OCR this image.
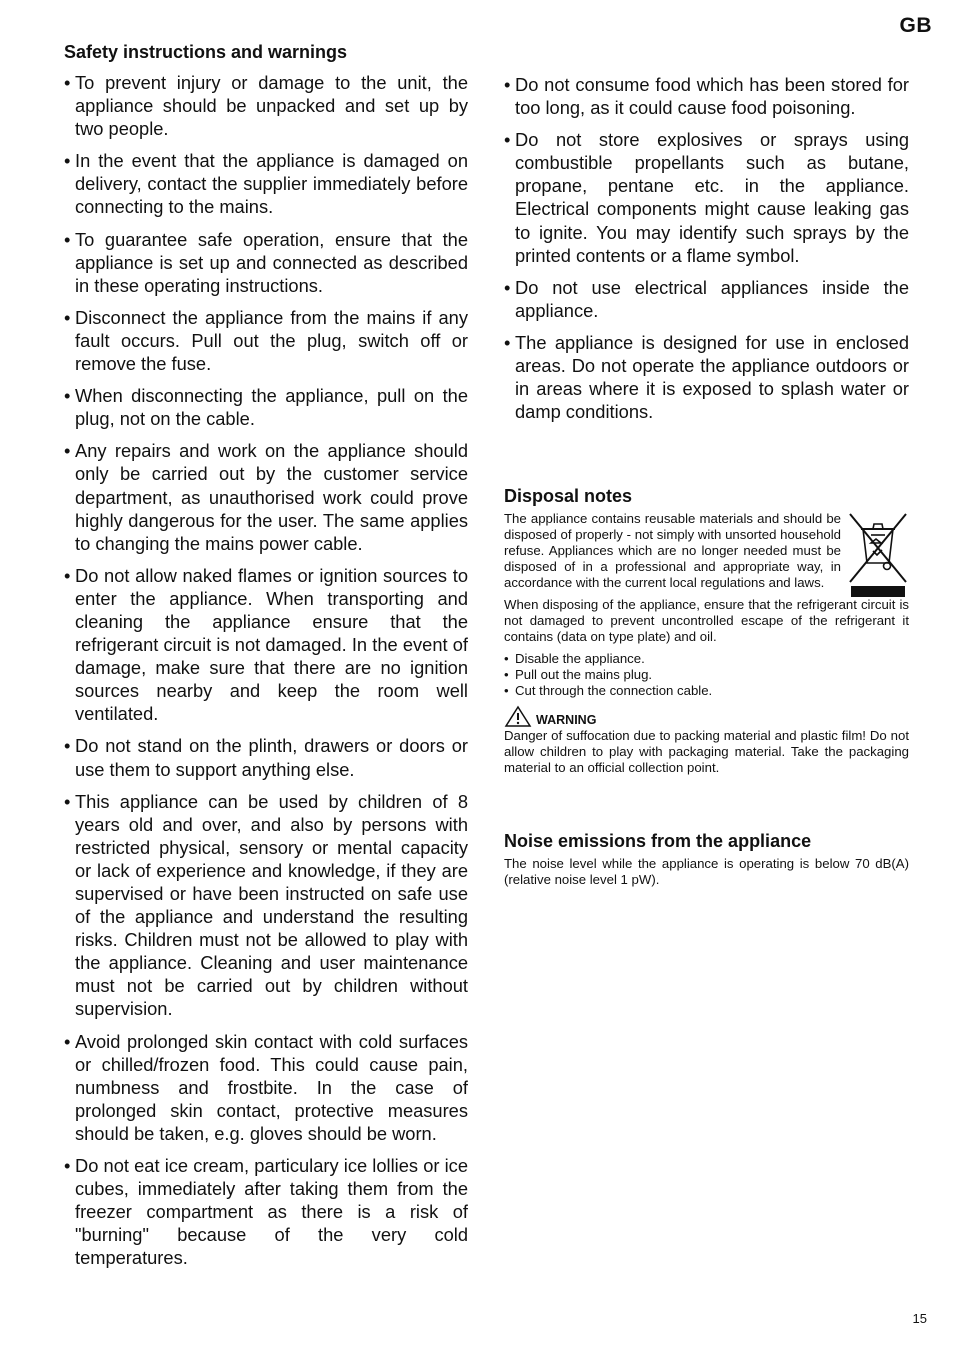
GB
Safety instructions and warnings
• To prevent injury or damage to the unit, the appliance should be unpacked and set up by two people.
• In the event that the appliance is damaged on delivery, contact the supplier immediately before connecting to the mains.
• To guarantee safe operation, ensure that the appliance is set up and connected as described in these operating instructions.
• Disconnect the appliance from the mains if any fault occurs. Pull out the plug, switch off or remove the fuse.
• When disconnecting the appliance, pull on the plug, not on the cable.
• Any repairs and work on the appliance should only be carried out by the customer service department, as unauthorised work could prove highly dangerous for the user. The same applies to changing the mains power cable.
• Do not allow naked flames or ignition sources to enter the appliance. When transporting and cleaning the appliance ensure that the refrigerant circuit is not damaged. In the event of damage, make sure that there are no ignition sources nearby and keep the room well ventilated.
• Do not stand on the plinth, drawers or doors or use them to support anything else.
• This appliance can be used by children of 8 years old and over, and also by persons with restricted physical, sensory or mental capacity or lack of experience and knowledge, if they are supervised or have been instructed on safe use of the appliance and understand the resulting risks. Children must not be allowed to play with the appliance. Cleaning and user maintenance must not be carried out by children without supervision.
• Avoid prolonged skin contact with cold surfaces or chilled/frozen food. This could cause pain, numbness and frostbite. In the case of prolonged skin contact, protective measures should be taken, e.g. gloves should be worn.
• Do not eat ice cream, particulary ice lollies or ice cubes, immediately after taking them from the freezer compartment as there is a risk of "burning" because of the very cold temperatures.
• Do not consume food which has been stored for too long, as it could cause food poisoning.
• Do not store explosives or sprays using combustible propellants such as butane, propane, pentane etc. in the appliance. Electrical components might cause leaking gas to ignite. You may identify such sprays by the printed contents or a flame symbol.
• Do not use electrical appliances inside the appliance.
• The appliance is designed for use in enclosed areas. Do not operate the appliance outdoors or in areas where it is exposed to splash water or damp conditions.
Disposal notes

The appliance contains reusable materials and should be disposed of properly - not simply with unsorted household refuse. Appliances which are no longer needed must be disposed of in a professional and appropriate way, in accordance with the current local regulations and laws.

When disposing of the appliance, ensure that the refrigerant circuit is not damaged to prevent uncontrolled escape of the refrigerant it contains (data on type plate) and oil.

• Disable the appliance.
• Pull out the mains plug.
• Cut through the connection cable.
WARNING

Danger of suffocation due to packing material and plastic film! Do not allow children to play with packaging material. Take the packaging material to an official collection point.

Noise emissions from the appliance

The noise level while the appliance is operating is below 70 dB(A) (relative noise level 1 pW).

15
